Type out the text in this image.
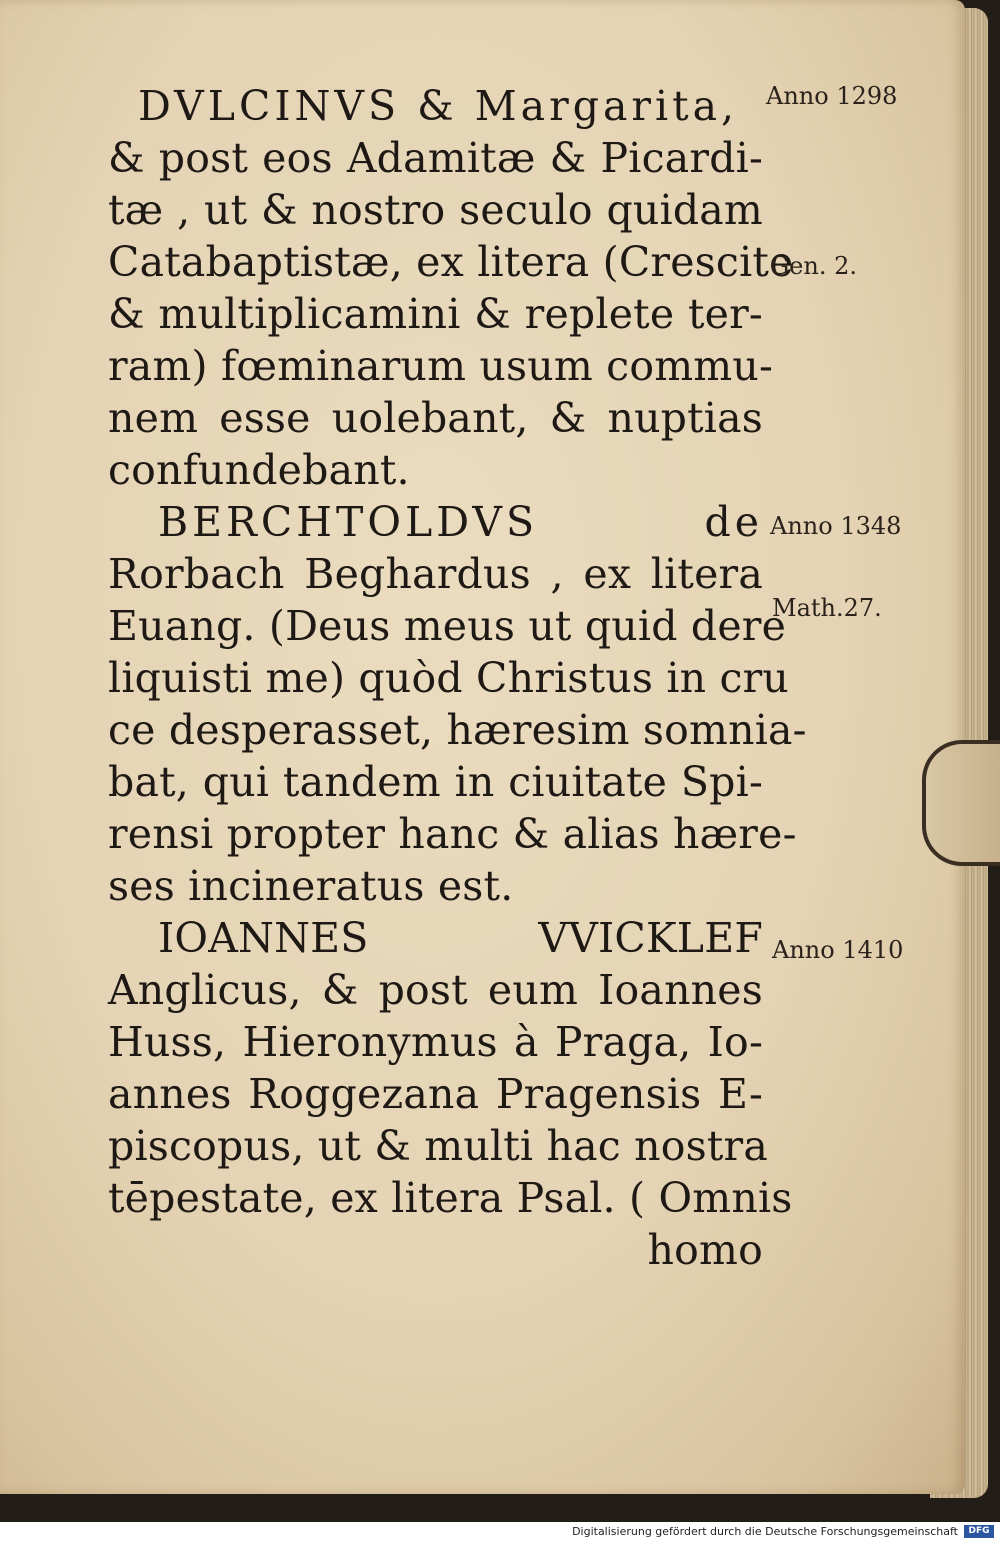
DVLCINVS & Margarita,
& post eos Adamitæ & Picardi-
tæ , ut & nostro seculo quidam
Catabaptistæ, ex litera (Crescite
& multiplicamini & replete ter-
ram) fœminarum usum commu-
nem esse uolebant, & nuptias
confundebant.
BERCHTOLDVS de
Rorbach Beghardus , ex litera
Euang. (Deus meus ut quid dere
liquisti me) quòd Christus in cru
ce desperasset, hæresim somnia-
bat, qui tandem in ciuitate Spi-
rensi propter hanc & alias hære-
ses incineratus est.
IOANNES VVICKLEF
Anglicus, & post eum Ioannes
Huss, Hieronymus à Praga, Io-
annes Roggezana Pragensis E-
piscopus, ut & multi hac nostra
tēpestate, ex litera Psal. ( Omnis
homo
Anno 1298
Gen. 2.
Anno 1348
Math.27.
Anno 1410
Digitalisierung gefördert durch die Deutsche Forschungsgemeinschaft	DFG
